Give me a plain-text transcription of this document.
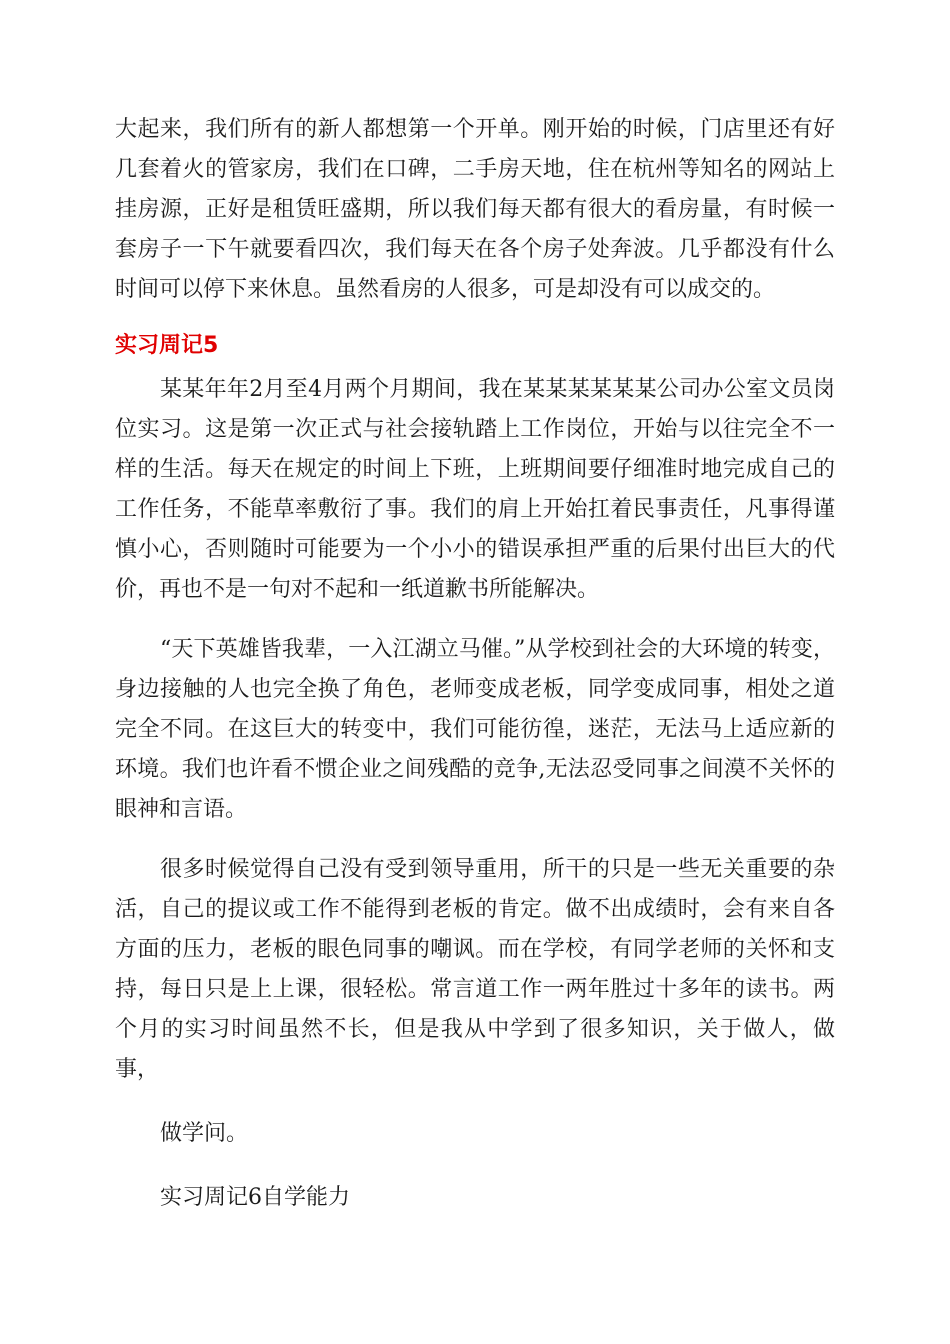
大起来，我们所有的新人都想第一个开单。刚开始的时候，门店里还有好几套着火的管家房，我们在口碑，二手房天地，住在杭州等知名的网站上挂房源，正好是租赁旺盛期，所以我们每天都有很大的看房量，有时候一套房子一下午就要看四次，我们每天在各个房子处奔波。几乎都没有什么时间可以停下来休息。虽然看房的人很多，可是却没有可以成交的。

实习周记5

某某年年2月至4月两个月期间，我在某某某某某某公司办公室文员岗位实习。这是第一次正式与社会接轨踏上工作岗位，开始与以往完全不一样的生活。每天在规定的时间上下班，上班期间要仔细准时地完成自己的工作任务，不能草率敷衍了事。我们的肩上开始扛着民事责任，凡事得谨慎小心，否则随时可能要为一个小小的错误承担严重的后果付出巨大的代价，再也不是一句对不起和一纸道歉书所能解决。

“天下英雄皆我辈，一入江湖立马催。”从学校到社会的大环境的转变，身边接触的人也完全换了角色，老师变成老板，同学变成同事，相处之道完全不同。在这巨大的转变中，我们可能彷徨，迷茫，无法马上适应新的环境。我们也许看不惯企业之间残酷的竞争,无法忍受同事之间漠不关怀的眼神和言语。

很多时候觉得自己没有受到领导重用，所干的只是一些无关重要的杂活，自己的提议或工作不能得到老板的肯定。做不出成绩时，会有来自各方面的压力，老板的眼色同事的嘲讽。而在学校，有同学老师的关怀和支持，每日只是上上课，很轻松。常言道工作一两年胜过十多年的读书。两个月的实习时间虽然不长，但是我从中学到了很多知识，关于做人，做事，

做学问。

实习周记6自学能力
